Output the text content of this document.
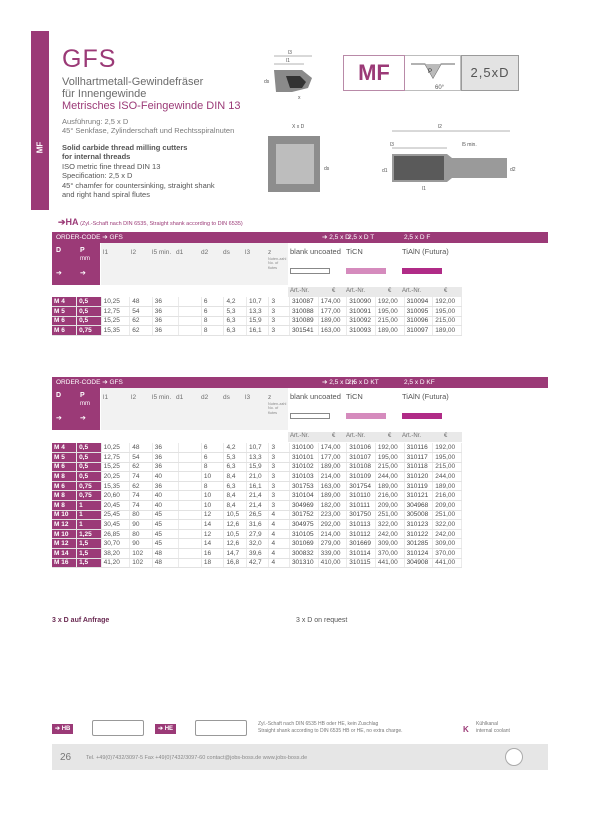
MF
GFS
Vollhartmetall-Gewindefräser
für Innengewinde
Metrisches ISO-Feingewinde DIN 13
Ausführung: 2,5 x D
45° Senkfase, Zylinderschaft und Rechtsspiralnuten
Solid carbide thread milling cutters
for internal threads
ISO metric fine thread DIN 13
Specification: 2,5 x D
45° chamfer for countersinking, straight shank
and right hand spiral flutes
l3
l1
ds
x
MF	P
60°
2,5xD
X x D	l2
l5 min.
l3
ds	d1	d2
l1
➔HA (Zyl.-Schaft nach DIN 6535, Straight shank according to DIN 6535)
ORDER-CODE ➔ GFS	➔ 2,5 x D
2,5 x D T	2,5 x D F
D	P
mm
➔	➔
l1	l2 l5 min. d1	d2 ds l3	z
Nuten-zahl No. of flutes
blank uncoated TiCN	TiAlN (Futura)
Art.-Nr.	€ Art.-Nr.	€ Art.-Nr.	€
M 4	0,5	10,25	48	36		6	4,2	10,7	3	310087	174,00	310090	192,00	310094	192,00
M 5	0,5	12,75	54	36		6	5,3	13,3	3	310088	177,00	310091	195,00	310095	195,00
M 6	0,5	15,25	62	36		8	6,3	15,9	3	310089	189,00	310092	215,00	310096	215,00
M 6	0,75	15,35	62	36		8	6,3	16,1	3	301541	163,00	310093	189,00	310097	189,00
ORDER-CODE ➔ GFS	➔ 2,5 x D K
2,5 x D KT	2,5 x D KF
D	P
mm
➔	➔
l1	l2 l5 min. d1	d2 ds l3	z
Nuten-zahl No. of flutes
blank uncoated TiCN	TiAlN (Futura)
Art.-Nr.	€ Art.-Nr.	€ Art.-Nr.	€
M 4	0,5	10,25	48	36		6	4,2	10,7	3	310100	174,00	310106	192,00	310116	192,00
M 5	0,5	12,75	54	36		6	5,3	13,3	3	310101	177,00	310107	195,00	310117	195,00
M 6	0,5	15,25	62	36		8	6,3	15,9	3	310102	189,00	310108	215,00	310118	215,00
M 8	0,5	20,25	74	40		10	8,4	21,0	3	310103	214,00	310109	244,00	310120	244,00
M 6	0,75	15,35	62	36		8	6,3	16,1	3	301753	163,00	301754	189,00	310119	189,00
M 8	0,75	20,60	74	40		10	8,4	21,4	3	310104	189,00	310110	216,00	310121	216,00
M 8	1	20,45	74	40		10	8,4	21,4	3	304969	182,00	310111	209,00	304968	209,00
M 10	1	25,45	80	45		12	10,5	26,5	4	301752	223,00	301750	251,00	305008	251,00
M 12	1	30,45	90	45		14	12,6	31,6	4	304975	292,00	310113	322,00	310123	322,00
M 10	1,25	26,85	80	45		12	10,5	27,9	4	310105	214,00	310112	242,00	310122	242,00
M 12	1,5	30,70	90	45		14	12,6	32,0	4	301069	279,00	301669	309,00	301285	309,00
M 14	1,5	38,20	102	48		16	14,7	39,6	4	300832	339,00	310114	370,00	310124	370,00
M 16	1,5	41,20	102	48		18	16,8	42,7	4	301310	410,00	310115	441,00	304908	441,00
3 x D auf Anfrage	3 x D on request
➔ HB	➔ HE
Zyl.-Schaft nach DIN 6535 HB oder HE, kein Zuschlag
Straight shank according to DIN 6535 HB or HE, no extra charge.	K
Kühlkanal
internal coolant
26	Tel. +49(0)7432/3097-5 Fax +49(0)7432/3097-60 contact@jobs-boss.de www.jobs-boss.de
